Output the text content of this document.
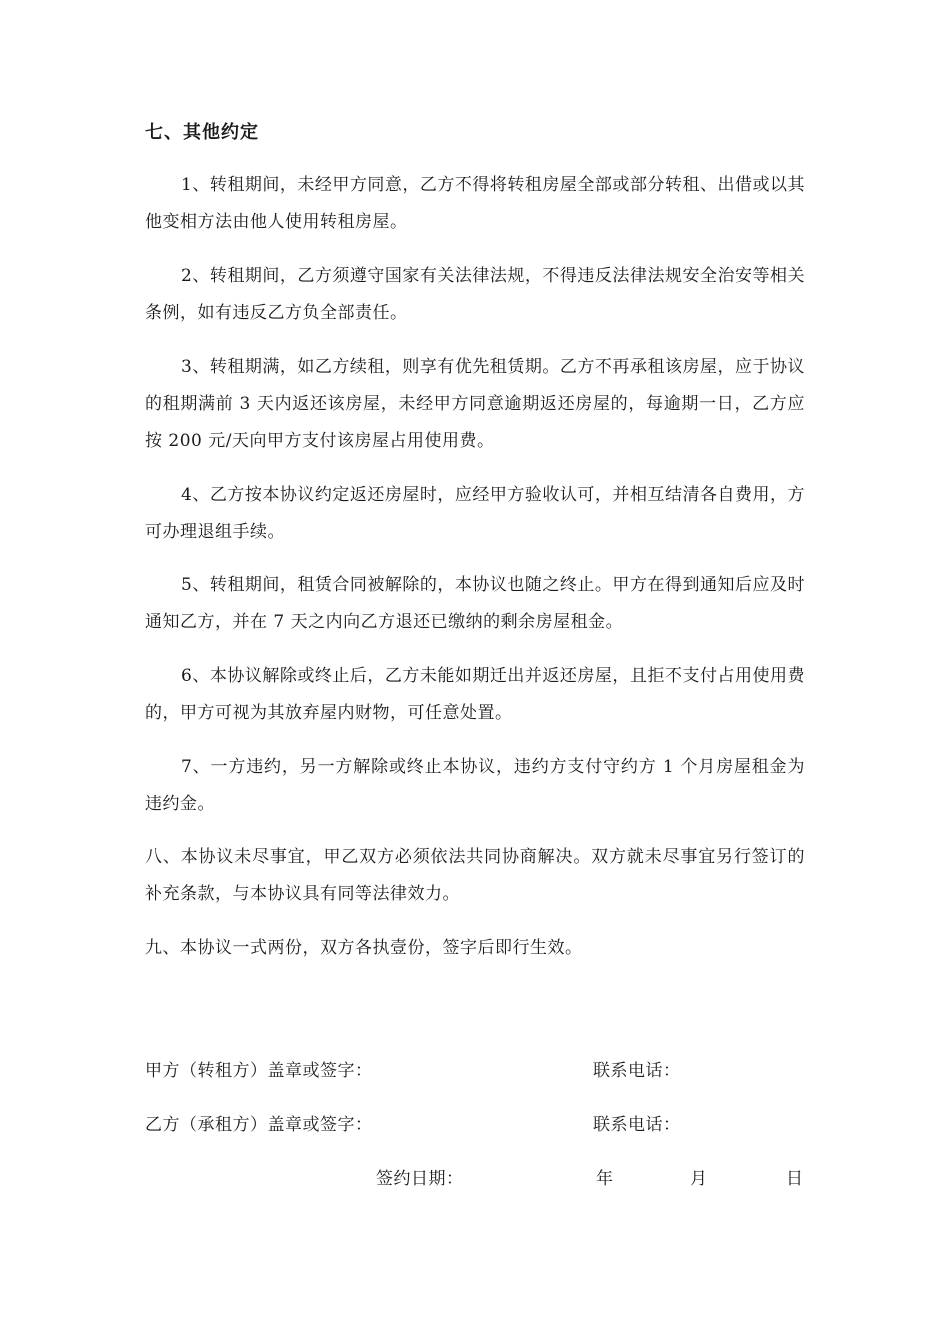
七、其他约定

1、转租期间，未经甲方同意，乙方不得将转租房屋全部或部分转租、出借或以其他变相方法由他人使用转租房屋。

2、转租期间，乙方须遵守国家有关法律法规，不得违反法律法规安全治安等相关条例，如有违反乙方负全部责任。

3、转租期满，如乙方续租，则享有优先租赁期。乙方不再承租该房屋，应于协议的租期满前 3 天内返还该房屋，未经甲方同意逾期返还房屋的，每逾期一日，乙方应按 200 元/天向甲方支付该房屋占用使用费。

4、乙方按本协议约定返还房屋时，应经甲方验收认可，并相互结清各自费用，方可办理退组手续。

5、转租期间，租赁合同被解除的，本协议也随之终止。甲方在得到通知后应及时通知乙方，并在 7 天之内向乙方退还已缴纳的剩余房屋租金。

6、本协议解除或终止后，乙方未能如期迁出并返还房屋，且拒不支付占用使用费的，甲方可视为其放弃屋内财物，可任意处置。

7、一方违约，另一方解除或终止本协议，违约方支付守约方 1 个月房屋租金为违约金。

八、本协议未尽事宜，甲乙双方必须依法共同协商解决。双方就未尽事宜另行签订的补充条款，与本协议具有同等法律效力。

九、本协议一式两份，双方各执壹份，签字后即行生效。

甲方（转租方）盖章或签字：	联系电话：

乙方（承租方）盖章或签字：	联系电话：

签约日期：	年	月	日
